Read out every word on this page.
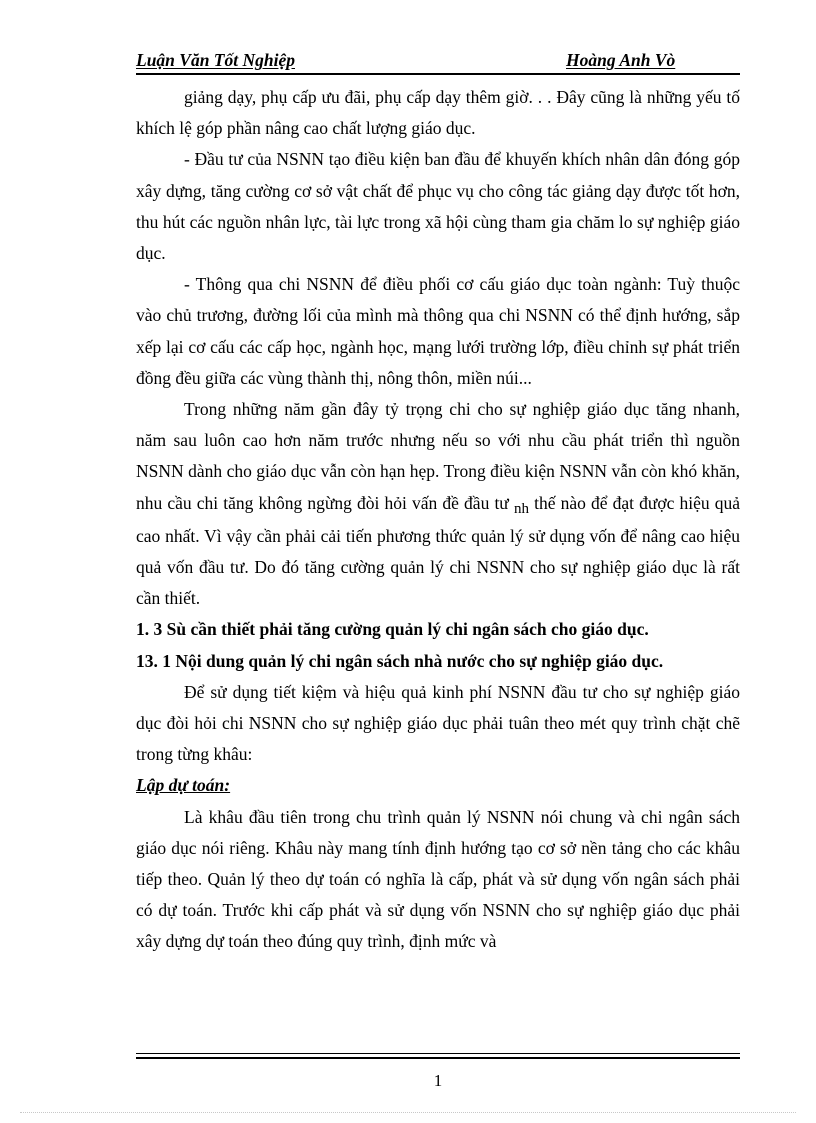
Luận Văn Tốt Nghiệp	Hoàng Anh Vò

giảng dạy, phụ cấp ưu đãi, phụ cấp dạy thêm giờ. . . Đây cũng là những yếu tố khích lệ góp phần nâng cao chất lượng giáo dục.

- Đầu tư của NSNN tạo điều kiện ban đầu để khuyến khích nhân dân đóng góp xây dựng, tăng cường cơ sở vật chất để phục vụ cho công tác giảng dạy được tốt hơn, thu hút các nguồn nhân lực, tài lực trong xã hội cùng tham gia chăm lo sự nghiệp giáo dục.

- Thông qua chi NSNN để điều phối cơ cấu giáo dục toàn ngành: Tuỳ thuộc vào chủ trương, đường lối của mình mà thông qua chi NSNN có thể định hướng, sắp xếp lại cơ cấu các cấp học, ngành học, mạng lưới trường lớp, điều chỉnh sự phát triển đồng đều giữa các vùng thành thị, nông thôn, miền núi...

Trong những năm gần đây tỷ trọng chi cho sự nghiệp giáo dục tăng nhanh, năm sau luôn cao hơn năm trước nhưng nếu so với nhu cầu phát triển thì nguồn NSNN dành cho giáo dục vẫn còn hạn hẹp. Trong điều kiện NSNN vẫn còn khó khăn, nhu cầu chi tăng không ngừng đòi hỏi vấn đề đầu tư nh thế nào để đạt được hiệu quả cao nhất. Vì vậy cần phải cải tiến phương thức quản lý sử dụng vốn để nâng cao hiệu quả vốn đầu tư. Do đó tăng cường quản lý chi NSNN cho sự nghiệp giáo dục là rất cần thiết.

1. 3 Sù cần thiết phải tăng cường quản lý chi ngân sách cho giáo dục.

13. 1 Nội dung quản lý chi ngân sách nhà nước cho sự nghiệp giáo dục.

Để sử dụng tiết kiệm và hiệu quả kinh phí NSNN đầu tư cho sự nghiệp giáo dục đòi hỏi chi NSNN cho sự nghiệp giáo dục phải tuân theo mét quy trình chặt chẽ trong từng khâu:

Lập dự toán:

Là khâu đầu tiên trong chu trình quản lý NSNN nói chung và chi ngân sách giáo dục nói riêng. Khâu này mang tính định hướng tạo cơ sở nền tảng cho các khâu tiếp theo. Quản lý theo dự toán có nghĩa là cấp, phát và sử dụng vốn ngân sách phải có dự toán. Trước khi cấp phát và sử dụng vốn NSNN cho sự nghiệp giáo dục phải xây dựng dự toán theo đúng quy trình, định mức và

1
